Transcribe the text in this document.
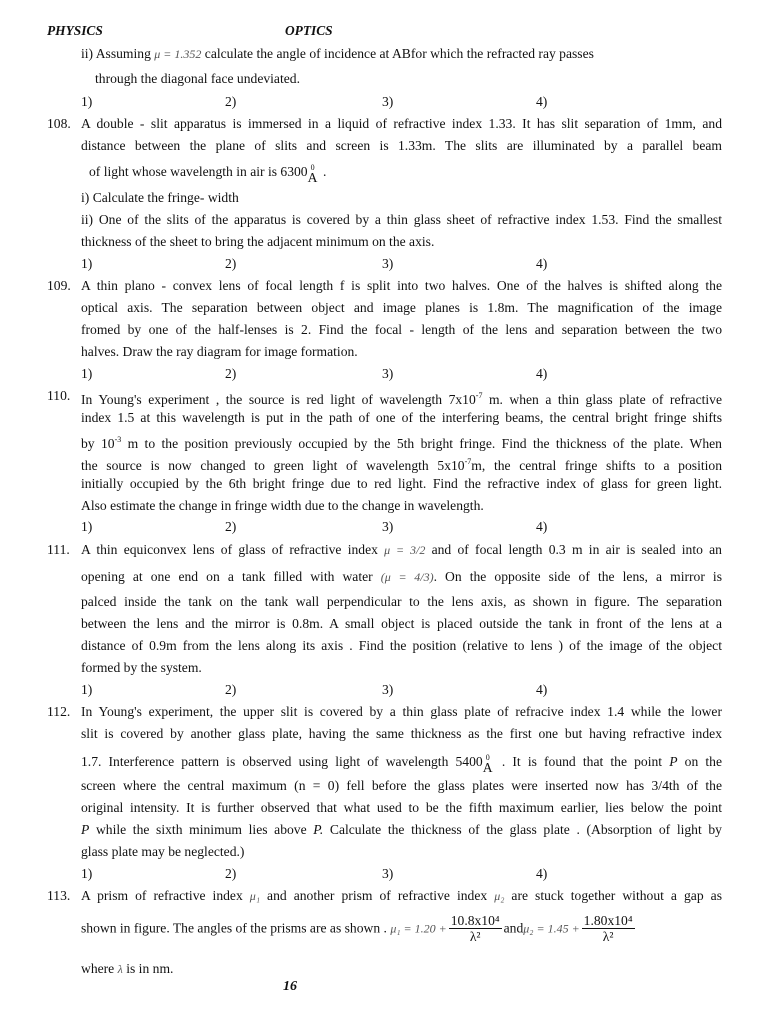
PHYSICS	OPTICS
ii) Assuming μ = 1.352 calculate the angle of incidence at ABfor which the refracted ray passes
through the diagonal face undeviated.
1)	2)	3)	4)
108. A double - slit apparatus is immersed in a liquid of refractive index 1.33. It has slit separation of 1mm, and
distance between the plane of slits and screen is 1.33m. The slits are illuminated by a parallel beam
of light whose wavelength in air is 6300 0
A .
i) Calculate the fringe- width
ii) One of the slits of the apparatus is covered by a thin glass sheet of refractive index 1.53. Find the smallest
thickness of the sheet to bring the adjacent minimum on the axis.
1)	2)	3)	4)
109. A thin plano - convex lens of focal length f is split into two halves. One of the halves is shifted along the
optical axis. The separation between object and image planes is 1.8m. The magnification of the image
fromed by one of the half-lenses is 2. Find the focal - length of the lens and separation between the two
halves. Draw the ray diagram for image formation.
1)	2)	3)	4)
110. In Young's experiment , the source is red light of wavelength $7x10^{-7}$ m. when a thin glass plate of refractive
index 1.5 at this wavelength is put in the path of one of the interfering beams, the central bright fringe shifts
by $10^{-3}$ m to the position previously occupied by the 5th bright fringe. Find the thickness of the plate. When
the source is now changed to green light of wavelength $5x10^{-7}m$, the central fringe shifts to a position
initially occupied by the 6th bright fringe due to red light. Find the refractive index of glass for green light.
Also estimate the change in fringe width due to the change in wavelength.
1)	2)	3)	4)
111. A thin equiconvex lens of glass of refractive index μ = 3/2 and of focal length 0.3 m in air is sealed into an
opening at one end on a tank filled with water (μ = 4/3). On the opposite side of the lens, a mirror is
palced inside the tank on the tank wall perpendicular to the lens axis, as shown in figure. The separation
between the lens and the mirror is 0.8m. A small object is placed outside the tank in front of the lens at a
distance of 0.9m from the lens along its axis . Find the position (relative to lens ) of the image of the object
formed by the system.
1)	2)	3)	4)
112. In Young's experiment, the upper slit is covered by a thin glass plate of refracive index 1.4 while the lower
slit is covered by another glass plate, having the same thickness as the first one but having refractive index
1.7. Interference pattern is observed using light of wavelength 5400 0
A . It is found that the point P on the
screen where the central maximum (n = 0) fell before the glass plates were inserted now has 3/4th of the
original intensity. It is further observed that what used to be the fifth maximum earlier, lies below the point
P while the sixth minimum lies above P. Calculate the thickness of the glass plate . (Absorption of light by
glass plate may be neglected.)
1)	2)	3)	4)
113. A prism of refractive index μ₁ and another prism of refractive index μ₂ are stuck together without a gap as
shown in figure. The angles of the prisms are as shown . $\mu_1 = 1.20 + \frac{\text{10.8x10⁴}}{\text{λ²}} and\mu_2 = 1.45 + \frac{\text{1.80x10⁴}}{\text{λ²}}$
where λ is in nm.
16
